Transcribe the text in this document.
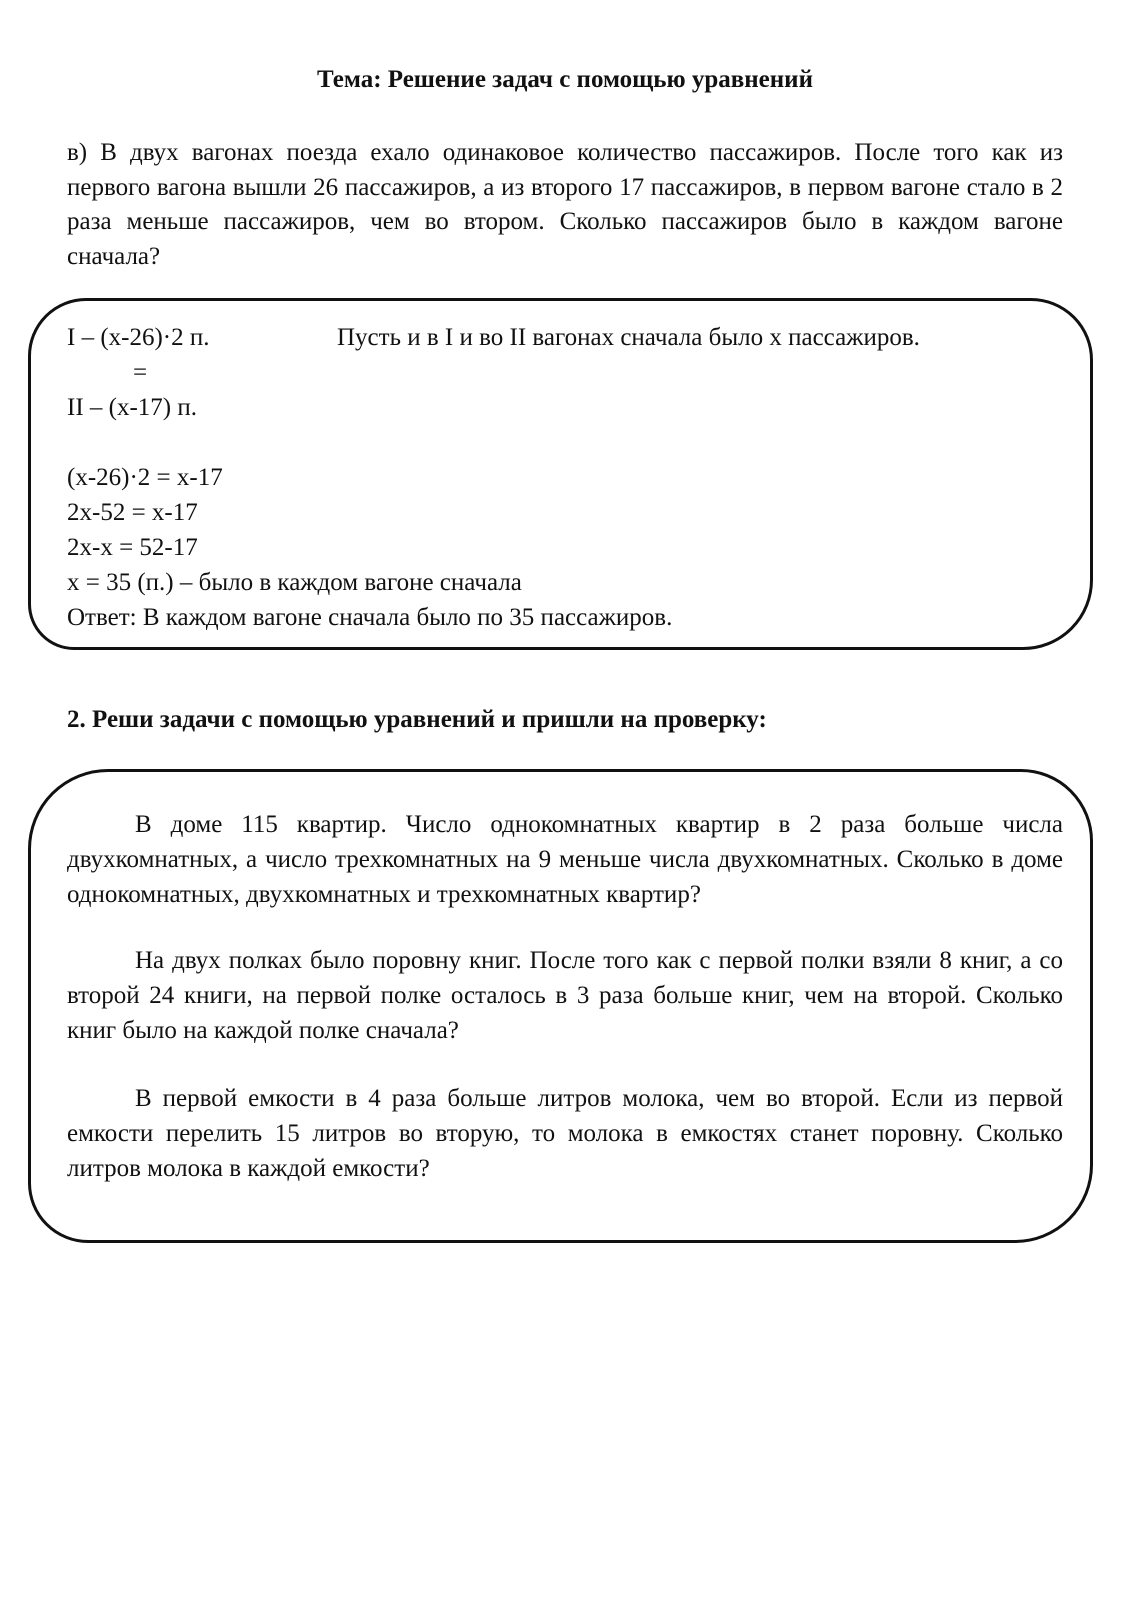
Тема: Решение задач с помощью уравнений
в) В двух вагонах поезда ехало одинаковое количество пассажиров. После того как из первого вагона вышли 26 пассажиров, а из второго 17 пассажиров, в первом вагоне стало в 2 раза меньше пассажиров, чем во втором. Сколько пассажиров было в каждом вагоне сначала?
I – (x-26)·2 п.	Пусть и в I и во II вагонах сначала было x пассажиров.
=
II – (x-17) п.
(x-26)·2 = x-17
2x-52 = x-17
2x-x = 52-17
x = 35 (п.) – было в каждом вагоне сначала
Ответ: В каждом вагоне сначала было по 35 пассажиров.
2. Реши задачи с помощью уравнений и пришли на проверку:
В доме 115 квартир. Число однокомнатных квартир в 2 раза больше числа двухкомнатных, а число трехкомнатных на 9 меньше числа двухкомнатных. Сколько в доме однокомнатных, двухкомнатных и трехкомнатных квартир?
На двух полках было поровну книг. После того как с первой полки взяли 8 книг, а со второй 24 книги, на первой полке осталось в 3 раза больше книг, чем на второй. Сколько книг было на каждой полке сначала?
В первой емкости в 4 раза больше литров молока, чем во второй. Если из первой емкости перелить 15 литров во вторую, то молока в емкостях станет поровну. Сколько литров молока в каждой емкости?
